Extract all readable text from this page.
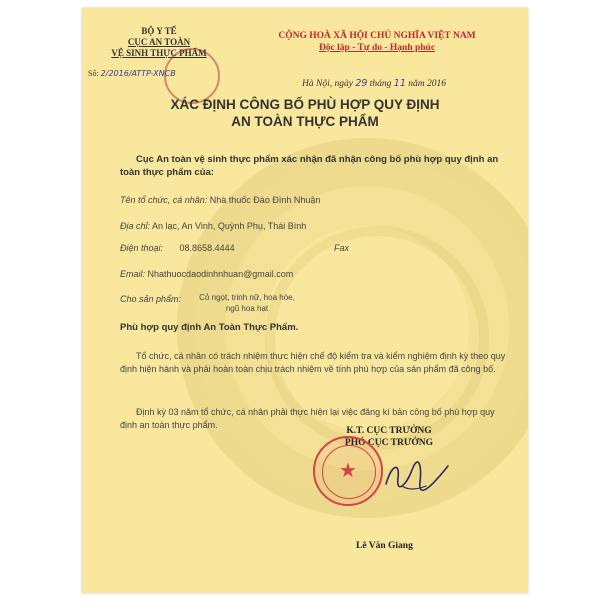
BỘ Y TẾ
CỤC AN TOÀN
VỆ SINH THỰC PHẨM
Số: 2/2016/ATTP-XNCB
CỘNG HOÀ XÃ HỘI CHỦ NGHĨA VIỆT NAM
Độc lập - Tự do - Hạnh phúc
Hà Nội, ngày 29 tháng 11 năm 2016
XÁC ĐỊNH CÔNG BỐ PHÙ HỢP QUY ĐỊNH
AN TOÀN THỰC PHẨM
Cục An toàn vệ sinh thực phẩm xác nhận đã nhận công bố phù hợp quy định an toàn thực phẩm của:
Tên tổ chức, cá nhân: Nhà thuốc Đào Đình Nhuận
Địa chỉ: An lạc, An Vinh, Quỳnh Phụ, Thái Bình
Điện thoại: 08.8658.4444	Fax
Email: Nhathuocdaodinhnhuan@gmail.com
Cho sản phẩm:	Cỏ ngọt, trinh nữ, hoa hòe,
ngũ hoa hạt
Phù hợp quy định An Toàn Thực Phẩm.
Tổ chức, cá nhân có trách nhiệm thực hiện chế độ kiểm tra và kiểm nghiệm định kỳ theo quy định hiện hành và phải hoàn toàn chịu trách nhiệm về tính phù hợp của sản phẩm đã công bố.
Định kỳ 03 năm tổ chức, cá nhân phải thực hiện lại việc đăng kí bản công bố phù hợp quy định an toàn thực phẩm.
K.T. CỤC TRƯỞNG
PHÓ CỤC TRƯỞNG
★
Lê Văn Giang
